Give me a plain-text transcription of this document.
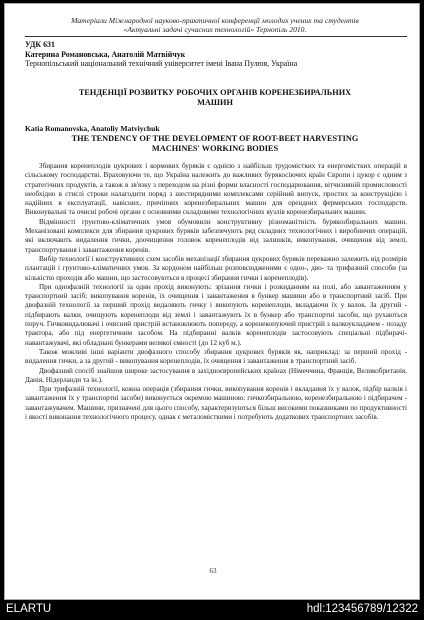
Матеріали Міжнародної науково-практичної конференції молодих учених та студентів
«Актуальні задачі сучасних технологій» Тернопіль 2010.
УДК 631
Катерина Романовська, Анатолій Матвійчук
Тернопільський національний технічний університет імені Івана Пулюя, Україна
ТЕНДЕНЦІЇ РОЗВИТКУ РОБОЧИХ ОРГАНІВ КОРЕНЕЗБИРАЛЬНИХ
МАШИН
Katia Romanovska, Anatoliy Matvіychuk
THE TENDENCY OF THE DEVELOPMENT OF ROOT-BEET HARVESTING
MACHINES' WORKING BODIES

Збирання коренеплодів цукрових і кормових буряків є однією з найбільш трудомістких та енергомістких операцій в сільському господарстві. Враховуючи те, що Україна належить до важливих бурякосіючих країн Європи і цукор є одним з стратегічних продуктів, а також в зв'язку з переходом на різні форми власності господарювання, вітчизняній промисловості необхідно в стислі строки налагодити поряд з шестирядними комплексами серійний випуск, простих за конструкцією і надійних в експлуатації, навісних, причіпних коренезбиральних машин для орендних фермерських господарств. Виконувальні та очисні робочі органи є основними складовими технологічних вузлів коренезбиральних машин.

Відмінності грунтово-кліматичних умов обумовили конструктивну різноманітність бурякозбиральних машин. Механізовані комплекси для збирання цукрових буряків забезпечують ряд складних технологічних і виробничих операцій, які включають видалення гички, доочищення головок коренеплодів від залишків, викопування, очищення від землі, транспортування і завантаження коренів.

Вибір технології і конструктивних схем засобів механізації збирання цукрових буряків переважно залежить від розмірів плантацій і грунтово-кліматичних умов. За кордоном найбільш розповсюдженими є одно-, дво- та трифазний способи (за кількістю проходів або машин, що застосовуються в процесі збирання гички і коренеплодів).

При однофазній технології за один прохід виконують: зрізання гички і розкиданням на полі, або завантаженням у транспортний засіб; викопування коренів, їх очищення і завантаження в бункер машини або в транспортний засіб. При двофазній технології за перший прохід видаляють гичку і викопують коренеплоди, вкладаючи їх у валок. За другий - підбирають валки, очищують коренеплоди від землі і завантажують їх в бункер або транспортні засоби, що рухаються поруч. Гичковидалювачі і очисний пристрій встановлюють попереду, а коренекопуючий пристрій з валкоукладачем - позаду трактора, або під енергетичним засобом. На підбиранні валків коренеплодів застосовують спеціальні підбирачі-навантажувачі, які обладнані бункерами великої ємності (до 12 куб м.).

Також можливі інші варіанти двофазного способу збирання цукрових буряків як, наприклад: за перший прохід - видалення гички, а за другий - викопування коренеплодів, їх очищення і завантаження в транспортний засіб.

Двофазний спосіб знайшов широке застосування в західноєвропейських країнах (Німеччина, Франція, Великобританія, Данія, Нідерланди та ін.).

При трифазній технології, кожна операція (збирання гички, викопування коренів і вкладання їх у валок, підбір валків і завантаження їх у транспортні засоби) виконується окремою машиною: гичкозбиральною, коренезбиральною і підбирачем - завантажувачем. Машини, призначені для цього способу, характеризуються більш високими показниками по продуктивності і якості виконання технологічного процесу, однак є металомісткими і потребують додаткових транспортних засобів.

63
ELARTU	hdl:123456789/12322
